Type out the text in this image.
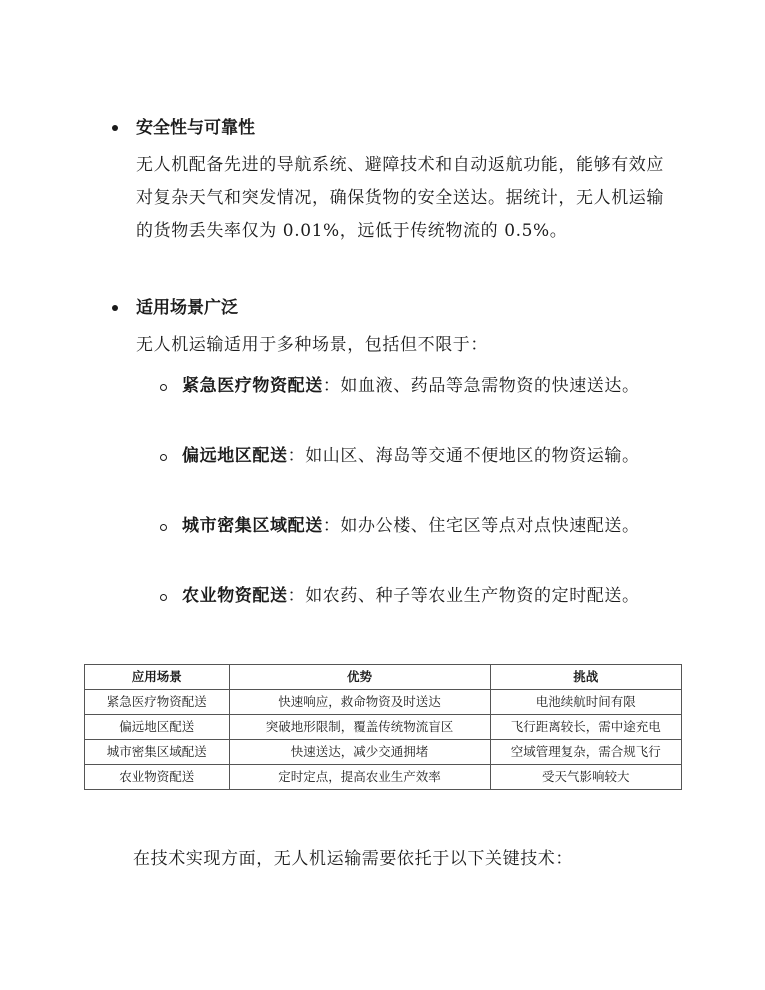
安全性与可靠性
无人机配备先进的导航系统、避障技术和自动返航功能，能够有效应对复杂天气和突发情况，确保货物的安全送达。据统计，无人机运输的货物丢失率仅为 0.01%，远低于传统物流的 0.5%。
适用场景广泛
无人机运输适用于多种场景，包括但不限于：
紧急医疗物资配送：如血液、药品等急需物资的快速送达。
偏远地区配送：如山区、海岛等交通不便地区的物资运输。
城市密集区域配送：如办公楼、住宅区等点对点快速配送。
农业物资配送：如农药、种子等农业生产物资的定时配送。
应用场景	优势	挑战
紧急医疗物资配送	快速响应，救命物资及时送达	电池续航时间有限
偏远地区配送	突破地形限制，覆盖传统物流盲区	飞行距离较长，需中途充电
城市密集区域配送	快速送达，减少交通拥堵	空域管理复杂，需合规飞行
农业物资配送	定时定点，提高农业生产效率	受天气影响较大
在技术实现方面，无人机运输需要依托于以下关键技术：
